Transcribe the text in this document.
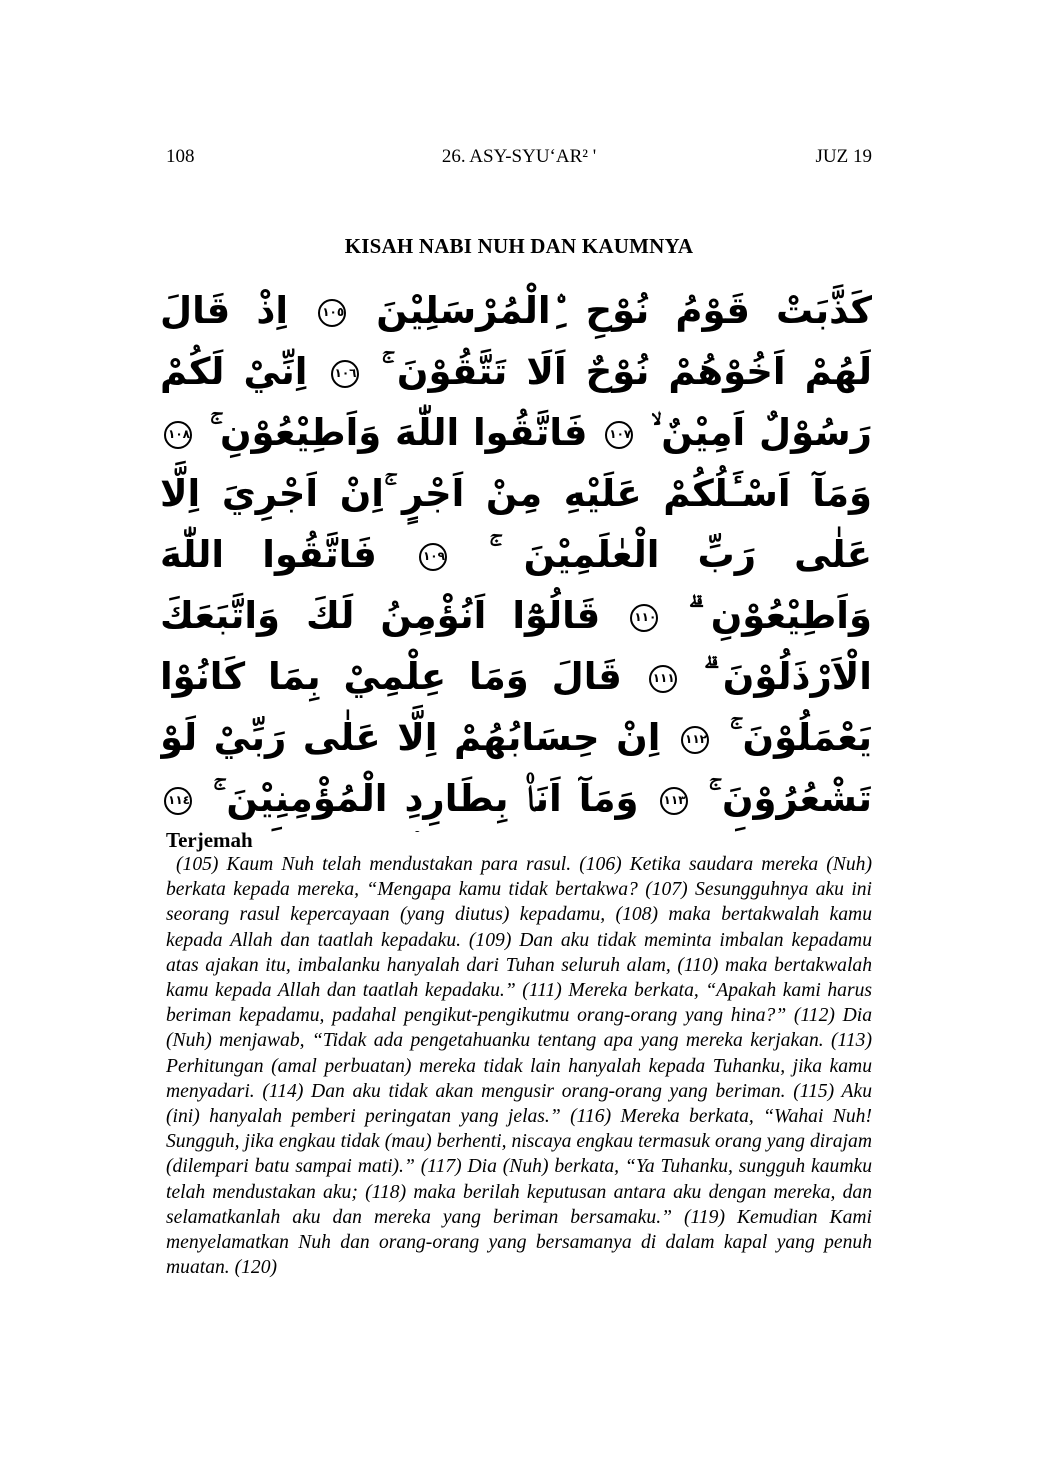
108	26. ASY-SYU‘AR² '	JUZ 19
KISAH NABI NUH DAN KAUMNYA
كَذَّبَتْ قَوْمُ نُوْحِ ِۨالْمُرْسَلِيْنَ ١٠٥ اِذْ قَالَ لَهُمْ اَخُوْهُمْ نُوْحٌ اَلَا تَتَّقُوْنَ ۚ ١٠٦ اِنِّيْ لَكُمْ رَسُوْلٌ اَمِيْنٌ ۙ ١٠٧ فَاتَّقُوا اللّٰهَ وَاَطِيْعُوْنِ ۚ ١٠٨ وَمَآ اَسْـَٔلُكُمْ عَلَيْهِ مِنْ اَجْرٍ ۚاِنْ اَجْرِيَ اِلَّا عَلٰى رَبِّ الْعٰلَمِيْنَ ۚ ١٠٩ فَاتَّقُوا اللّٰهَ وَاَطِيْعُوْنِ ۗ ١١٠ قَالُوْٓا اَنُؤْمِنُ لَكَ وَاتَّبَعَكَ الْاَرْذَلُوْنَ ۗ ١١١ قَالَ وَمَا عِلْمِيْ بِمَا كَانُوْا يَعْمَلُوْنَ ۚ ١١٢ اِنْ حِسَابُهُمْ اِلَّا عَلٰى رَبِّيْ لَوْ تَشْعُرُوْنَ ۚ ١١٣ وَمَآ اَنَا۠ بِطَارِدِ الْمُؤْمِنِيْنَ ۚ ١١٤
Terjemah

(105) Kaum Nuh telah mendustakan para rasul. (106) Ketika saudara mereka (Nuh) berkata kepada mereka, “Mengapa kamu tidak bertakwa? (107) Sesungguhnya aku ini seorang rasul kepercayaan (yang diutus) kepadamu, (108) maka bertakwalah kamu kepada Allah dan taatlah kepadaku. (109) Dan aku tidak meminta imbalan kepadamu atas ajakan itu, imbalanku hanyalah dari Tuhan seluruh alam, (110) maka bertakwalah kamu kepada Allah dan taatlah kepadaku.” (111) Mereka berkata, “Apakah kami harus beriman kepadamu, padahal pengikut-pengikutmu orang-orang yang hina?” (112) Dia (Nuh) menjawab, “Tidak ada pengetahuanku tentang apa yang mereka kerjakan. (113) Perhitungan (amal perbuatan) mereka tidak lain hanyalah kepada Tuhanku, jika kamu menyadari. (114) Dan aku tidak akan mengusir orang-orang yang beriman. (115) Aku (ini) hanyalah pemberi peringatan yang jelas.” (116) Mereka berkata, “Wahai Nuh! Sungguh, jika engkau tidak (mau) berhenti, niscaya engkau termasuk orang yang dirajam (dilempari batu sampai mati).” (117) Dia (Nuh) berkata, “Ya Tuhanku, sungguh kaumku telah mendustakan aku; (118) maka berilah keputusan antara aku dengan mereka, dan selamatkanlah aku dan mereka yang beriman bersamaku.” (119) Kemudian Kami menyelamatkan Nuh dan orang-orang yang bersamanya di dalam kapal yang penuh muatan. (120)
